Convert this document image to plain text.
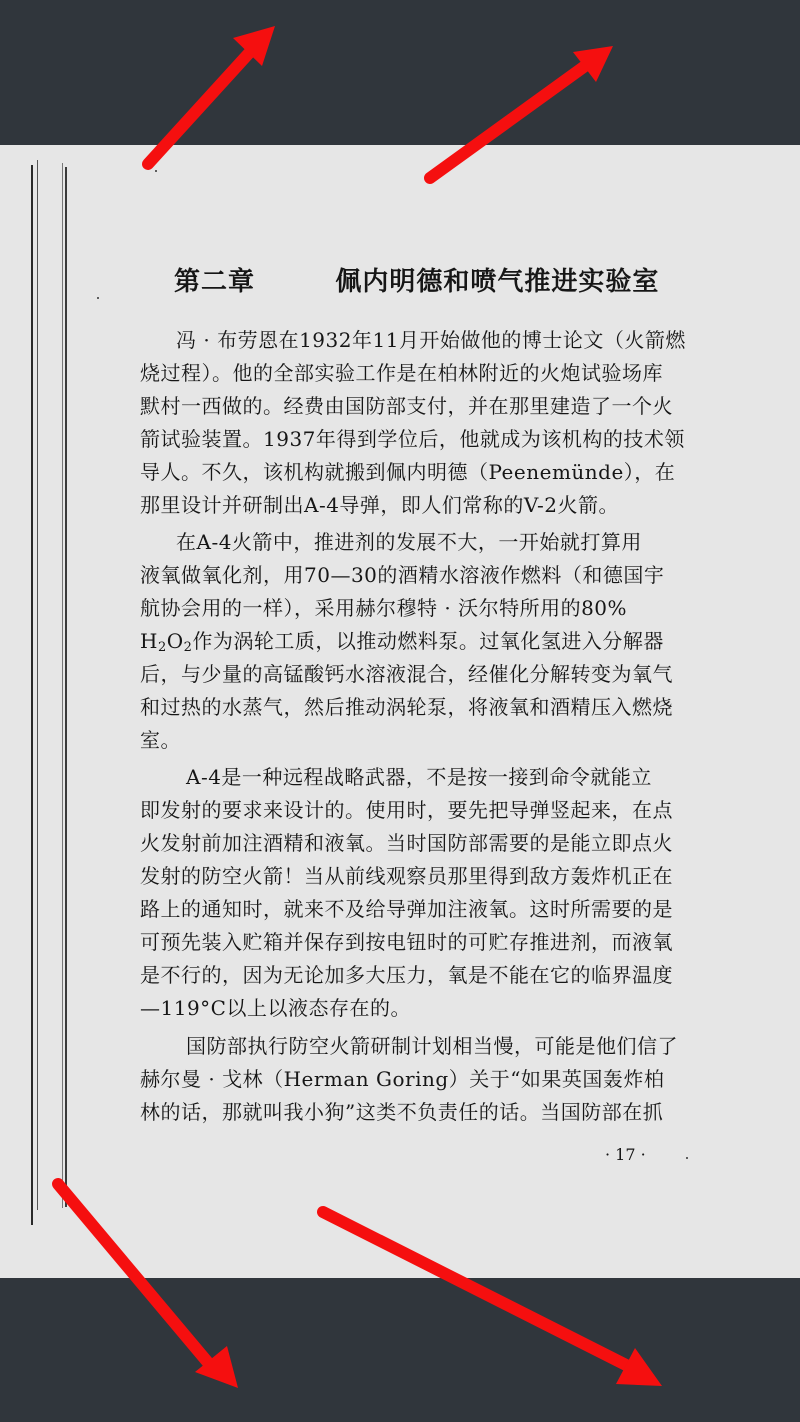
第二章        佩内明德和喷气推进实验室
冯 · 布劳恩在1932年11月开始做他的博士论文（火箭燃
烧过程）。他的全部实验工作是在柏林附近的火炮试验场库
默村一西做的。经费由国防部支付，并在那里建造了一个火
箭试验装置。1937年得到学位后，他就成为该机构的技术领
导人。不久，该机构就搬到佩内明德（Peenemünde），在
那里设计并研制出A-4导弹，即人们常称的V-2火箭。
在A-4火箭中，推进剂的发展不大，一开始就打算用
液氧做氧化剂，用70—30的酒精水溶液作燃料（和德国宇
航协会用的一样），采用赫尔穆特 · 沃尔特所用的80%
$H_2O_2$作为涡轮工质，以推动燃料泵。过氧化氢进入分解器
后，与少量的高锰酸钙水溶液混合，经催化分解转变为氧气
和过热的水蒸气，然后推动涡轮泵，将液氧和酒精压入燃烧
室。
A-4是一种远程战略武器，不是按一接到命令就能立
即发射的要求来设计的。使用时，要先把导弹竖起来，在点
火发射前加注酒精和液氧。当时国防部需要的是能立即点火
发射的防空火箭！当从前线观察员那里得到敌方轰炸机正在
路上的通知时，就来不及给导弹加注液氧。这时所需要的是
可预先装入贮箱并保存到按电钮时的可贮存推进剂，而液氧
是不行的，因为无论加多大压力，氧是不能在它的临界温度
—119°C以上以液态存在的。
国防部执行防空火箭研制计划相当慢，可能是他们信了
赫尔曼 · 戈林（Herman Goring）关于“如果英国轰炸柏
林的话，那就叫我小狗”这类不负责任的话。当国防部在抓
· 17 ·
